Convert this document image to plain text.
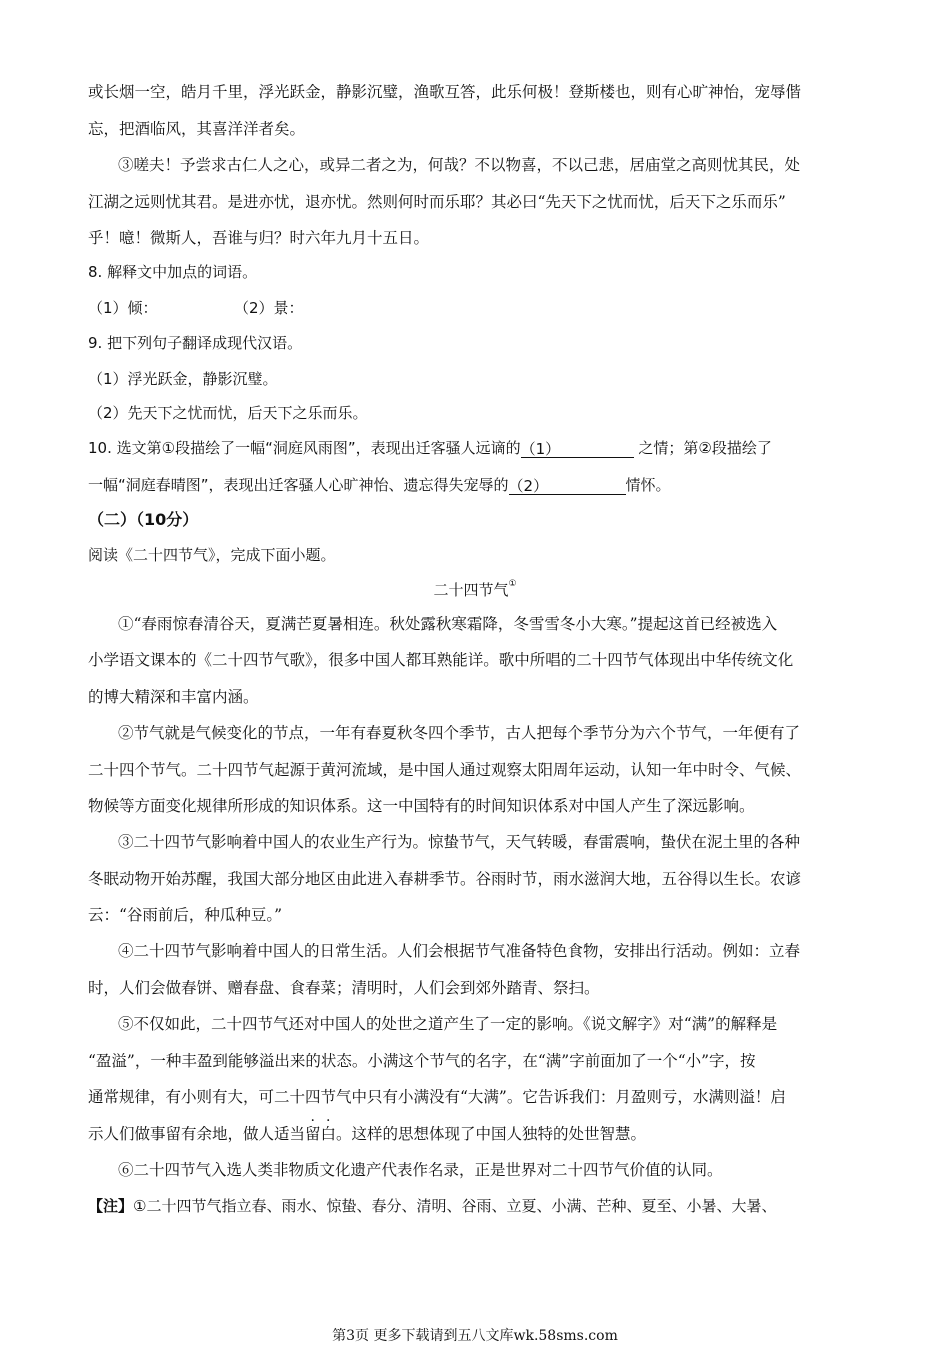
或长烟一空，皓月千里，浮光跃金，静影沉璧，渔歌互答，此乐何极！登斯楼也，则有心旷神怡，宠辱偕
忘，把酒临风，其喜洋洋者矣。
③嗟夫！予尝求古仁人之心，或异二者之为，何哉？不以物喜，不以己悲，居庙堂之高则忧其民，处
江湖之远则忧其君。是进亦忧，退亦忧。然则何时而乐耶？其必曰“先天下之忧而忧，后天下之乐而乐”
乎！噫！微斯人，吾谁与归？时六年九月十五日。
8. 解释文中加点的词语。
（1）倾：	（2）景：
9. 把下列句子翻译成现代汉语。
（1）浮光跃金，静影沉璧。
（2）先天下之忧而忧，后天下之乐而乐。
10. 选文第①段描绘了一幅“洞庭风雨图”，表现出迁客骚人远谪的（1）	之情；第②段描绘了
一幅“洞庭春晴图”，表现出迁客骚人心旷神怡、遗忘得失宠辱的（2）	情怀。
（二）（10分）
阅读《二十四节气》，完成下面小题。
二十四节气①
①“春雨惊春清谷天，夏满芒夏暑相连。秋处露秋寒霜降，冬雪雪冬小大寒。”提起这首已经被选入
小学语文课本的《二十四节气歌》，很多中国人都耳熟能详。歌中所唱的二十四节气体现出中华传统文化
的博大精深和丰富内涵。
②节气就是气候变化的节点，一年有春夏秋冬四个季节，古人把每个季节分为六个节气，一年便有了
二十四个节气。二十四节气起源于黄河流域，是中国人通过观察太阳周年运动，认知一年中时令、气候、
物候等方面变化规律所形成的知识体系。这一中国特有的时间知识体系对中国人产生了深远影响。
③二十四节气影响着中国人的农业生产行为。惊蛰节气，天气转暖，春雷震响，蛰伏在泥土里的各种
冬眠动物开始苏醒，我国大部分地区由此进入春耕季节。谷雨时节，雨水滋润大地，五谷得以生长。农谚
云：“谷雨前后，种瓜种豆。”
④二十四节气影响着中国人的日常生活。人们会根据节气准备特色食物，安排出行活动。例如：立春
时，人们会做春饼、赠春盘、食春菜；清明时，人们会到郊外踏青、祭扫。
⑤不仅如此，二十四节气还对中国人的处世之道产生了一定的影响。《说文解字》对“满”的解释是
“盈溢”，一种丰盈到能够溢出来的状态。小满这个节气的名字，在“满”字前面加了一个“小”字，按
通常规律，有小则有大，可二十四节气中只有小满没有“大满”。它告诉我们：月盈则亏，水满则溢！启
示人们做事留有余地，做人适当留白。这样的思想体现了中国人独特的处世智慧。
⑥二十四节气入选人类非物质文化遗产代表作名录，正是世界对二十四节气价值的认同。
【注】①二十四节气指立春、雨水、惊蛰、春分、清明、谷雨、立夏、小满、芒种、夏至、小暑、大暑、
第3页 更多下载请到五八文库wk.58sms.com
